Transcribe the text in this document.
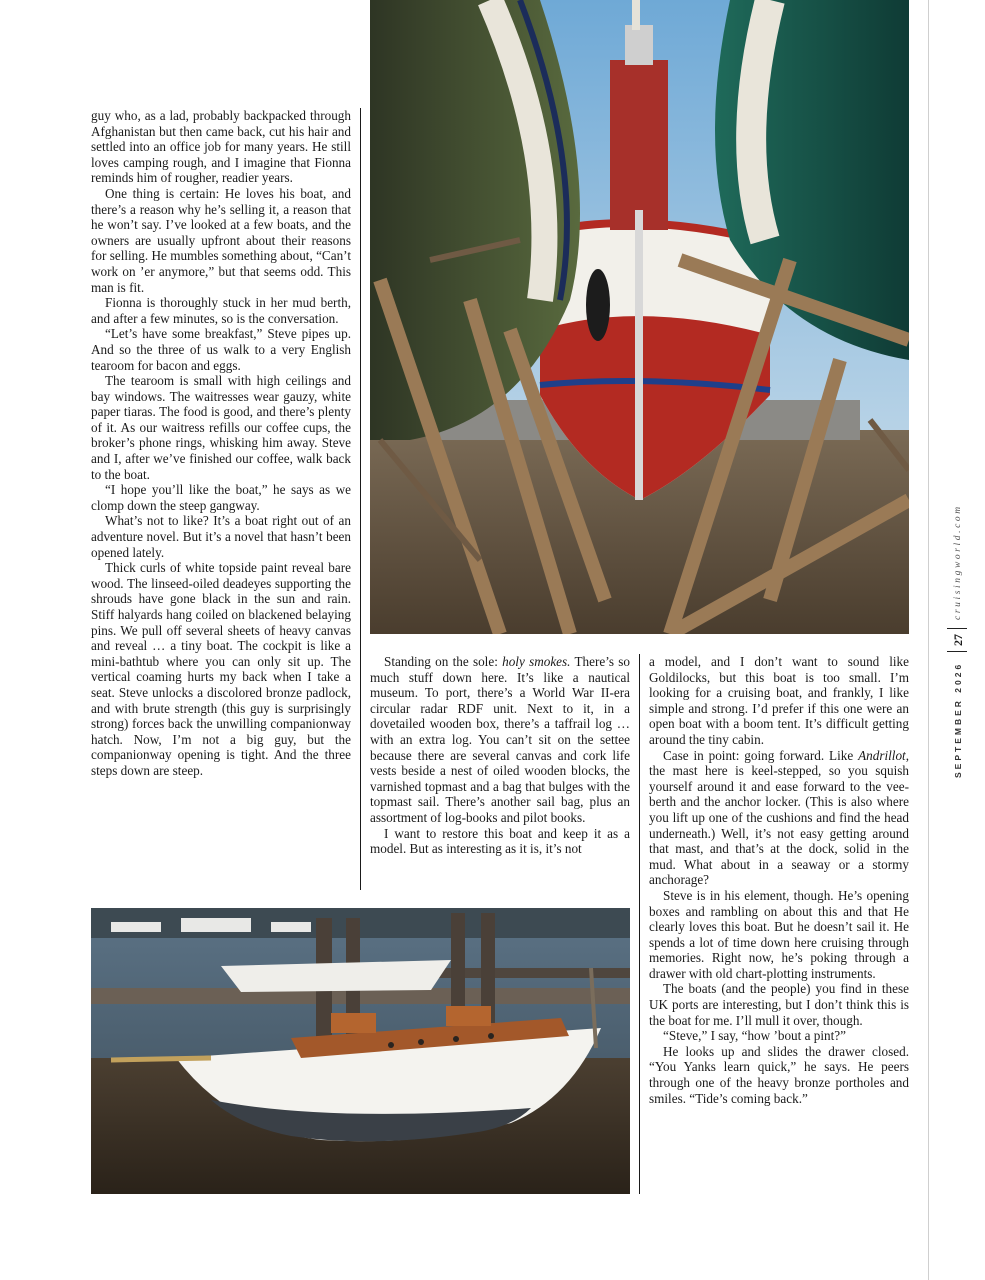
guy who, as a lad, probably backpacked through Afghanistan but then came back, cut his hair and settled into an office job for many years. He still loves camping rough, and I imagine that Fionna reminds him of rougher, readier years.

One thing is certain: He loves his boat, and there’s a reason why he’s selling it, a reason that he won’t say. I’ve looked at a few boats, and the owners are usually upfront about their reasons for selling. He mumbles something about, “Can’t work on ’er anymore,” but that seems odd. This man is fit.

Fionna is thoroughly stuck in her mud berth, and after a few minutes, so is the conversation.

“Let’s have some breakfast,” Steve pipes up. And so the three of us walk to a very English tearoom for bacon and eggs.

The tearoom is small with high ceilings and bay windows. The waitresses wear gauzy, white paper tiaras. The food is good, and there’s plenty of it. As our waitress refills our coffee cups, the broker’s phone rings, whisking him away. Steve and I, after we’ve finished our coffee, walk back to the boat.

“I hope you’ll like the boat,” he says as we clomp down the steep gangway.

What’s not to like? It’s a boat right out of an adventure novel. But it’s a novel that hasn’t been opened lately.

Thick curls of white topside paint reveal bare wood. The linseed-oiled deadeyes supporting the shrouds have gone black in the sun and rain. Stiff halyards hang coiled on blackened belaying pins. We pull off several sheets of heavy canvas and reveal … a tiny boat. The cockpit is like a mini-bathtub where you can only sit up. The vertical coaming hurts my back when I take a seat. Steve unlocks a discolored bronze padlock, and with brute strength (this guy is surprisingly strong) forces back the unwilling companionway hatch. Now, I’m not a big guy, but the companionway opening is tight. And the three steps down are steep.

Standing on the sole: holy smokes. There’s so much stuff down here. It’s like a nautical museum. To port, there’s a World War II-era circular radar RDF unit. Next to it, in a dovetailed wooden box, there’s a taffrail log … with an extra log. You can’t sit on the settee because there are several canvas and cork life vests beside a nest of oiled wooden blocks, the varnished topmast and a bag that bulges with the topmast sail. There’s another sail bag, plus an assortment of log-books and pilot books.

I want to restore this boat and keep it as a model. But as interesting as it is, it’s not

a model, and I don’t want to sound like Goldilocks, but this boat is too small. I’m looking for a cruising boat, and frankly, I like simple and strong. I’d prefer if this one were an open boat with a boom tent. It’s difficult getting around the tiny cabin.

Case in point: going forward. Like Andrillot, the mast here is keel-stepped, so you squish yourself around it and ease forward to the vee-berth and the anchor locker. (This is also where you lift up one of the cushions and find the head underneath.) Well, it’s not easy getting around that mast, and that’s at the dock, solid in the mud. What about in a seaway or a stormy anchorage?

Steve is in his element, though. He’s opening boxes and rambling on about this and that He clearly loves this boat. But he doesn’t sail it. He spends a lot of time down here cruising through memories. Right now, he’s poking through a drawer with old chart-plotting instruments.

The boats (and the people) you find in these UK ports are interesting, but I don’t think this is the boat for me. I’ll mull it over, though.

“Steve,” I say, “how ’bout a pint?”

He looks up and slides the drawer closed. “You Yanks learn quick,” he says. He peers through one of the heavy bronze portholes and smiles. “Tide’s coming back.”

cruisingworld.com
27
SEPTEMBER 2026
